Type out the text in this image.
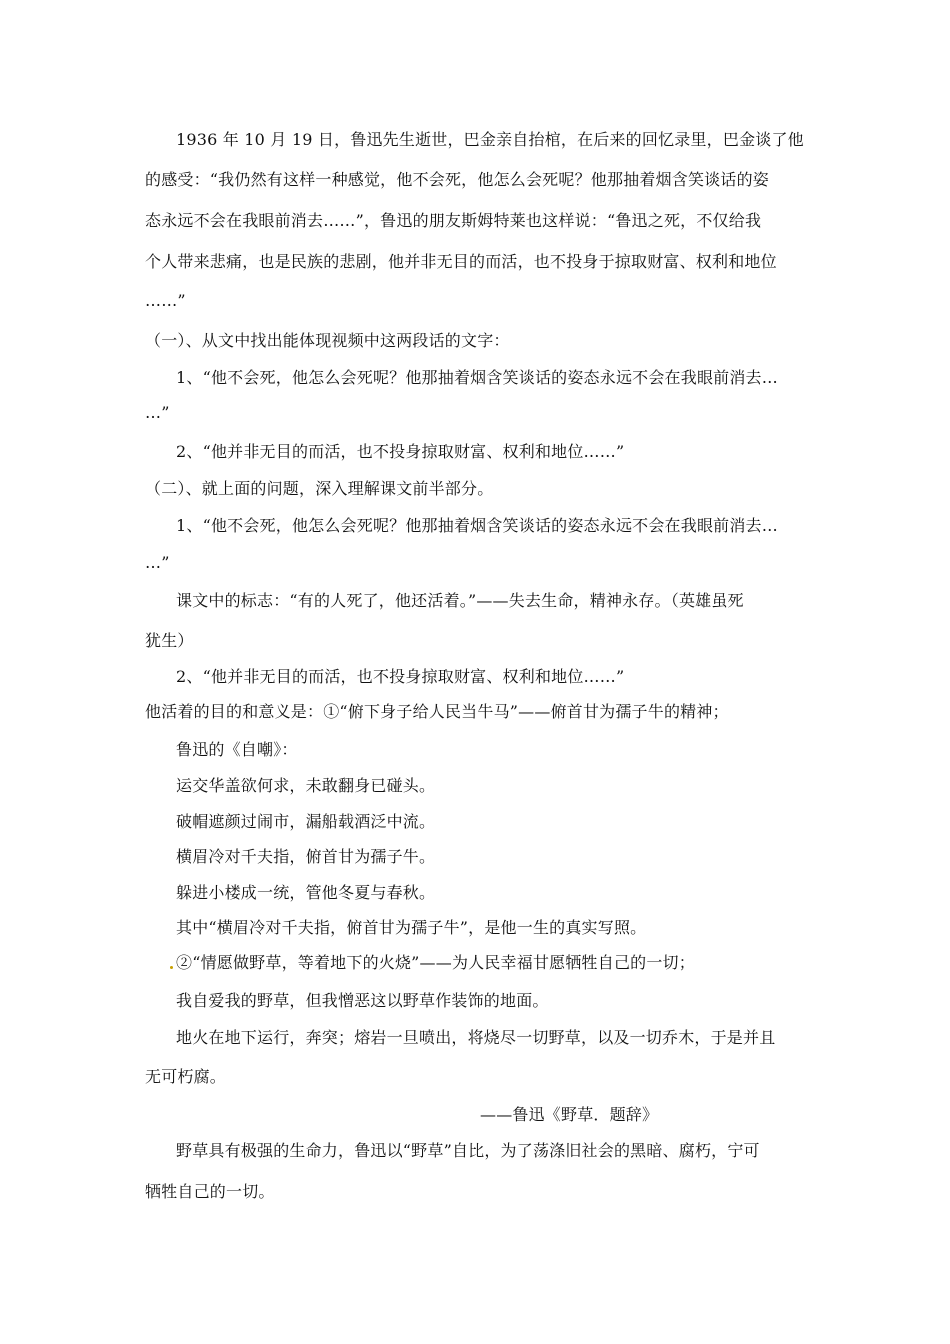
1936 年 10 月 19 日，鲁迅先生逝世，巴金亲自抬棺，在后来的回忆录里，巴金谈了他
的感受：“我仍然有这样一种感觉，他不会死，他怎么会死呢？他那抽着烟含笑谈话的姿
态永远不会在我眼前消去……”，鲁迅的朋友斯姆特莱也这样说：“鲁迅之死，不仅给我
个人带来悲痛，也是民族的悲剧，他并非无目的而活，也不投身于掠取财富、权利和地位
……”
（一）、从文中找出能体现视频中这两段话的文字：
1、“他不会死，他怎么会死呢？他那抽着烟含笑谈话的姿态永远不会在我眼前消去…
…”
2、“他并非无目的而活，也不投身掠取财富、权利和地位……”
（二）、就上面的问题，深入理解课文前半部分。
1、“他不会死，他怎么会死呢？他那抽着烟含笑谈话的姿态永远不会在我眼前消去…
…”
课文中的标志：“有的人死了，他还活着。”——失去生命，精神永存。（英雄虽死
犹生）
2、“他并非无目的而活，也不投身掠取财富、权利和地位……”
他活着的目的和意义是：①“俯下身子给人民当牛马”——俯首甘为孺子牛的精神；
鲁迅的《自嘲》：
运交华盖欲何求，未敢翻身已碰头。
破帽遮颜过闹市，漏船载酒泛中流。
横眉冷对千夫指，俯首甘为孺子牛。
躲进小楼成一统，管他冬夏与春秋。
其中“横眉冷对千夫指，俯首甘为孺子牛”，是他一生的真实写照。
②“情愿做野草，等着地下的火烧”——为人民幸福甘愿牺牲自己的一切；
我自爱我的野草，但我憎恶这以野草作装饰的地面。
地火在地下运行，奔突；熔岩一旦喷出，将烧尽一切野草，以及一切乔木，于是并且
无可朽腐。
——鲁迅《野草．题辞》
野草具有极强的生命力，鲁迅以“野草”自比，为了荡涤旧社会的黑暗、腐朽，宁可
牺牲自己的一切。
